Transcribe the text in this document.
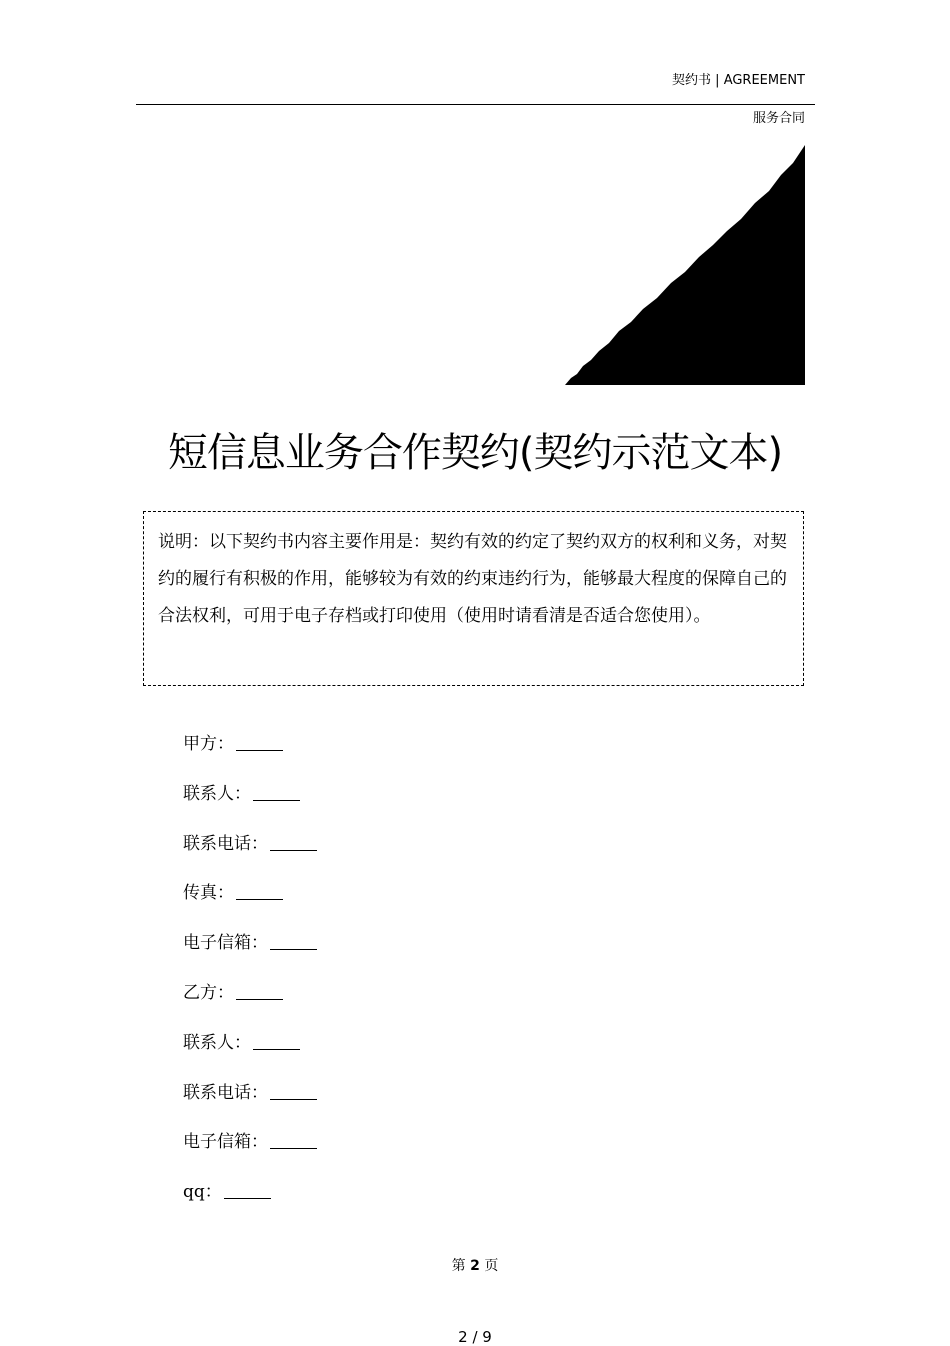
契约书 | AGREEMENT
服务合同
短信息业务合作契约(契约示范文本)
说明：以下契约书内容主要作用是：契约有效的约定了契约双方的权利和义务，对契约的履行有积极的作用，能够较为有效的约束违约行为，能够最大程度的保障自己的合法权利，可用于电子存档或打印使用（使用时请看清是否适合您使用）。
甲方：
联系人：
联系电话：
传真：
电子信箱：
乙方：
联系人：
联系电话：
电子信箱：
qq：
第 2 页
2 / 9
